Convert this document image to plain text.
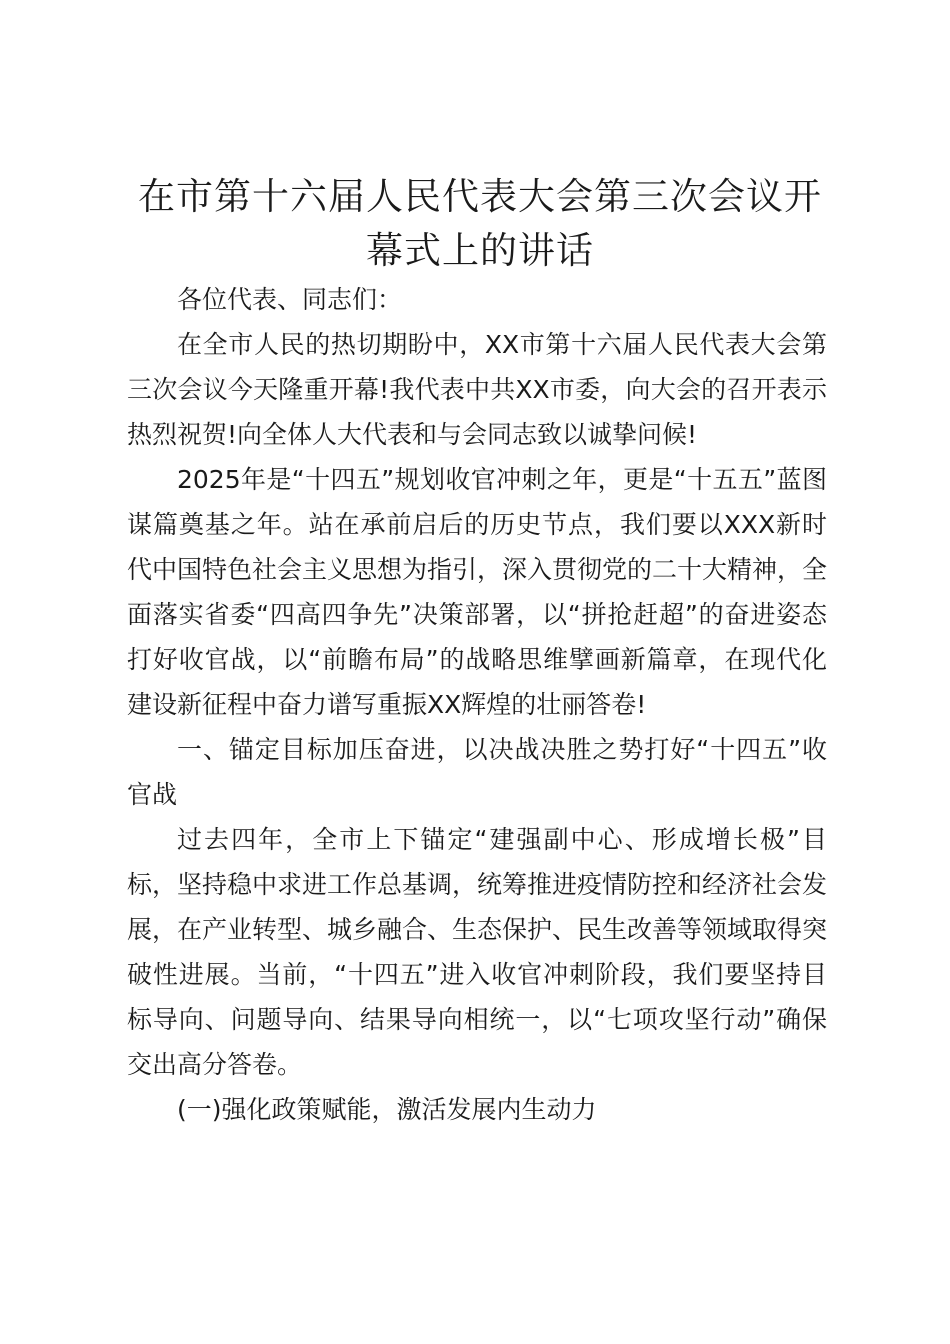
在市第十六届人民代表大会第三次会议开幕式上的讲话

各位代表、同志们：

在全市人民的热切期盼中，XX市第十六届人民代表大会第三次会议今天隆重开幕!我代表中共XX市委，向大会的召开表示热烈祝贺!向全体人大代表和与会同志致以诚挚问候!

2025年是“十四五”规划收官冲刺之年，更是“十五五”蓝图谋篇奠基之年。站在承前启后的历史节点，我们要以XXX新时代中国特色社会主义思想为指引，深入贯彻党的二十大精神，全面落实省委“四高四争先”决策部署，以“拼抢赶超”的奋进姿态打好收官战，以“前瞻布局”的战略思维擘画新篇章，在现代化建设新征程中奋力谱写重振XX辉煌的壮丽答卷!

一、锚定目标加压奋进，以决战决胜之势打好“十四五”收官战

过去四年，全市上下锚定“建强副中心、形成增长极”目标，坚持稳中求进工作总基调，统筹推进疫情防控和经济社会发展，在产业转型、城乡融合、生态保护、民生改善等领域取得突破性进展。当前，“十四五”进入收官冲刺阶段，我们要坚持目标导向、问题导向、结果导向相统一，以“七项攻坚行动”确保交出高分答卷。

(一)强化政策赋能，激活发展内生动力
